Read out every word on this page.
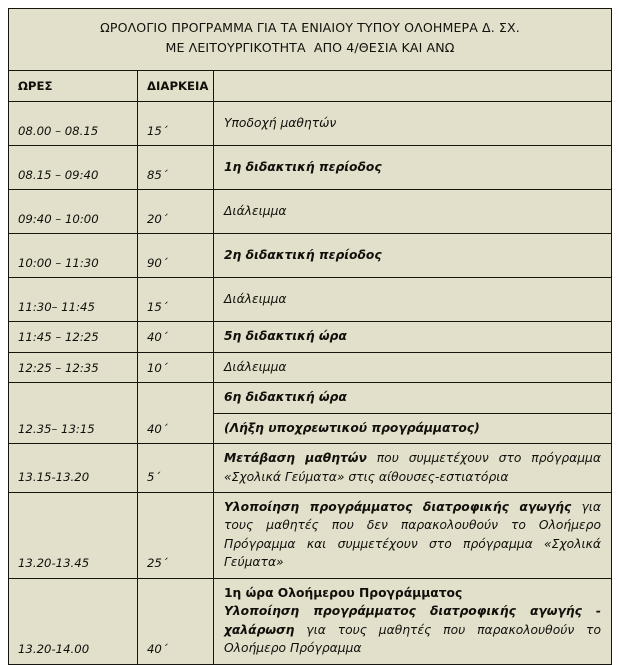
ΩΡΟΛΟΓΙΟ ΠΡΟΓΡΑΜΜΑ ΓΙΑ ΤΑ ΕΝΙΑΙΟΥ ΤΥΠΟΥ ΟΛΟΗΜΕΡΑ Δ. ΣΧ.
ΜΕ ΛΕΙΤΟΥΡΓΙΚΟΤΗΤΑ  ΑΠΟ 4/ΘΕΣΙΑ ΚΑΙ ΑΝΩ		

ΩΡΕΣ	ΔΙΑΡΚΕΙΑ	
08.00 – 08.15	15΄	Υποδοχή μαθητών

08.15 – 09:40	85΄	1η διδακτική περίοδος

09:40 – 10:00	20΄	Διάλειμμα

10:00 – 11:30	90΄	2η διδακτική περίοδος

11:30– 11:45	15΄	Διάλειμμα

11:45 – 12:25	40΄	5η διδακτική ώρα

12:25 – 12:35	10΄	Διάλειμμα

12.35– 13:15	40΄	6η διδακτική ώρα

		(Λήξη υποχρεωτικού προγράμματος)

13.15-13.20	5΄	Μετάβαση μαθητών που συμμετέχουν στο πρόγραμμα «Σχολικά Γεύματα» στις αίθουσες-εστιατόρια

13.20-13.45	25΄	Υλοποίηση προγράμματος διατροφικής αγωγής για τους μαθητές που δεν παρακολουθούν το Ολοήμερο Πρόγραμμα και συμμετέχουν στο πρόγραμμα «Σχολικά Γεύματα»

13.20-14.00	40΄	1η ώρα Ολοήμερου Προγράμματος
Υλοποίηση προγράμματος διατροφικής αγωγής - χαλάρωση για τους μαθητές που παρακολουθούν το Ολοήμερο Πρόγραμμα
